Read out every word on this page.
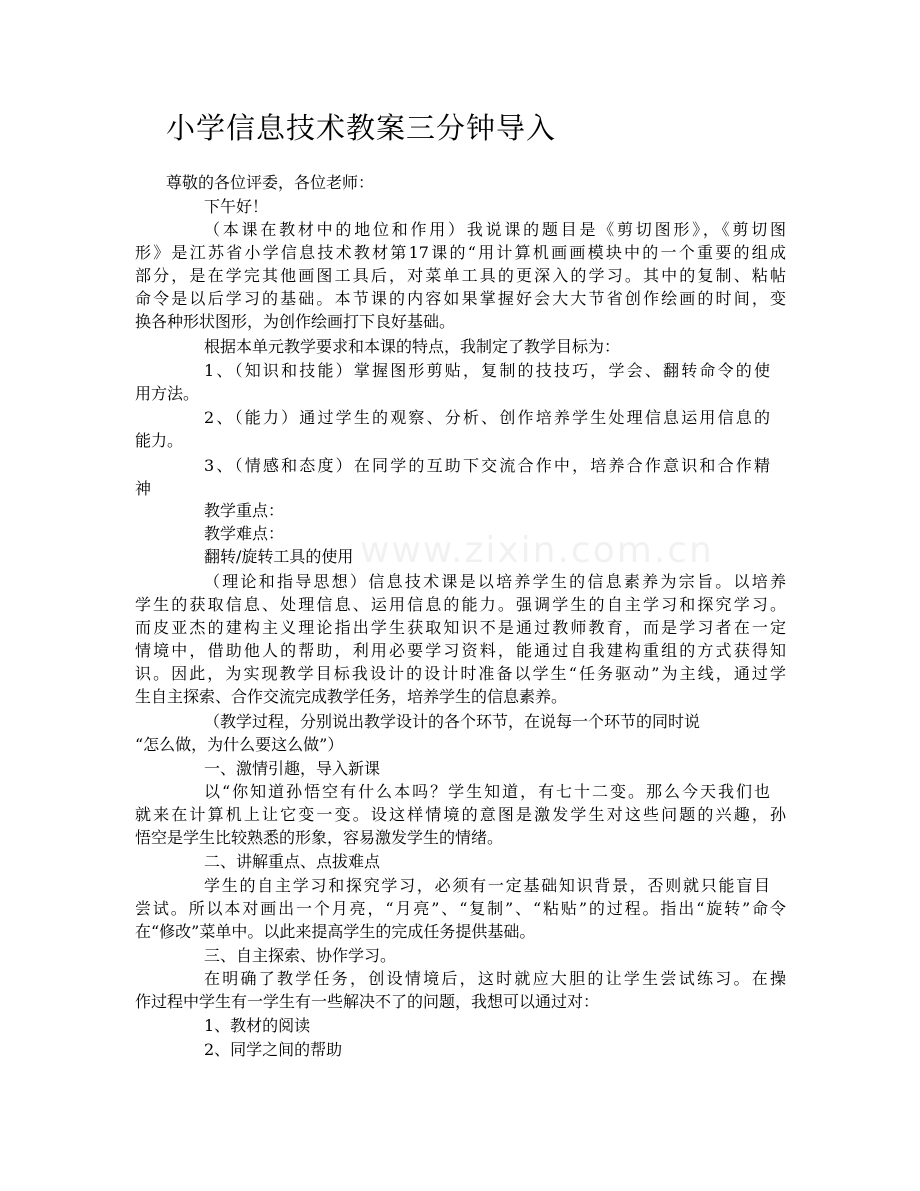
www.zixin.com.cn
小学信息技术教案三分钟导入
尊敬的各位评委，各位老师：
下午好！
（本课在教材中的地位和作用）我说课的题目是《剪切图形》，《剪切图
形》是江苏省小学信息技术教材第17课的“用计算机画画模块中的一个重要的组成
部分，是在学完其他画图工具后，对菜单工具的更深入的学习。其中的复制、粘帖
命令是以后学习的基础。本节课的内容如果掌握好会大大节省创作绘画的时间，变
换各种形状图形，为创作绘画打下良好基础。
根据本单元教学要求和本课的特点，我制定了教学目标为：
1、（知识和技能）掌握图形剪贴，复制的技技巧，学会、翻转命令的使
用方法。
2、（能力）通过学生的观察、分析、创作培养学生处理信息运用信息的
能力。
3、（情感和态度）在同学的互助下交流合作中，培养合作意识和合作精
神
教学重点：
教学难点：
翻转/旋转工具的使用
（理论和指导思想）信息技术课是以培养学生的信息素养为宗旨。以培养
学生的获取信息、处理信息、运用信息的能力。强调学生的自主学习和探究学习。
而皮亚杰的建构主义理论指出学生获取知识不是通过教师教育，而是学习者在一定
情境中，借助他人的帮助，利用必要学习资料，能通过自我建构重组的方式获得知
识。因此，为实现教学目标我设计的设计时准备以学生“任务驱动”为主线，通过学
生自主探索、合作交流完成教学任务，培养学生的信息素养。
（教学过程，分别说出教学设计的各个环节，在说每一个环节的同时说
“怎么做，为什么要这么做”）
一、激情引趣，导入新课
以“你知道孙悟空有什么本吗？学生知道，有七十二变。那么今天我们也
就来在计算机上让它变一变。设这样情境的意图是激发学生对这些问题的兴趣，孙
悟空是学生比较熟悉的形象，容易激发学生的情绪。
二、讲解重点、点拔难点
学生的自主学习和探究学习，必须有一定基础知识背景，否则就只能盲目
尝试。所以本对画出一个月亮，“月亮”、“复制”、“粘贴”的过程。指出“旋转”命令
在“修改”菜单中。以此来提高学生的完成任务提供基础。
三、自主探索、协作学习。
在明确了教学任务，创设情境后，这时就应大胆的让学生尝试练习。在操
作过程中学生有一学生有一些解决不了的问题，我想可以通过对：
1、教材的阅读
2、同学之间的帮助
